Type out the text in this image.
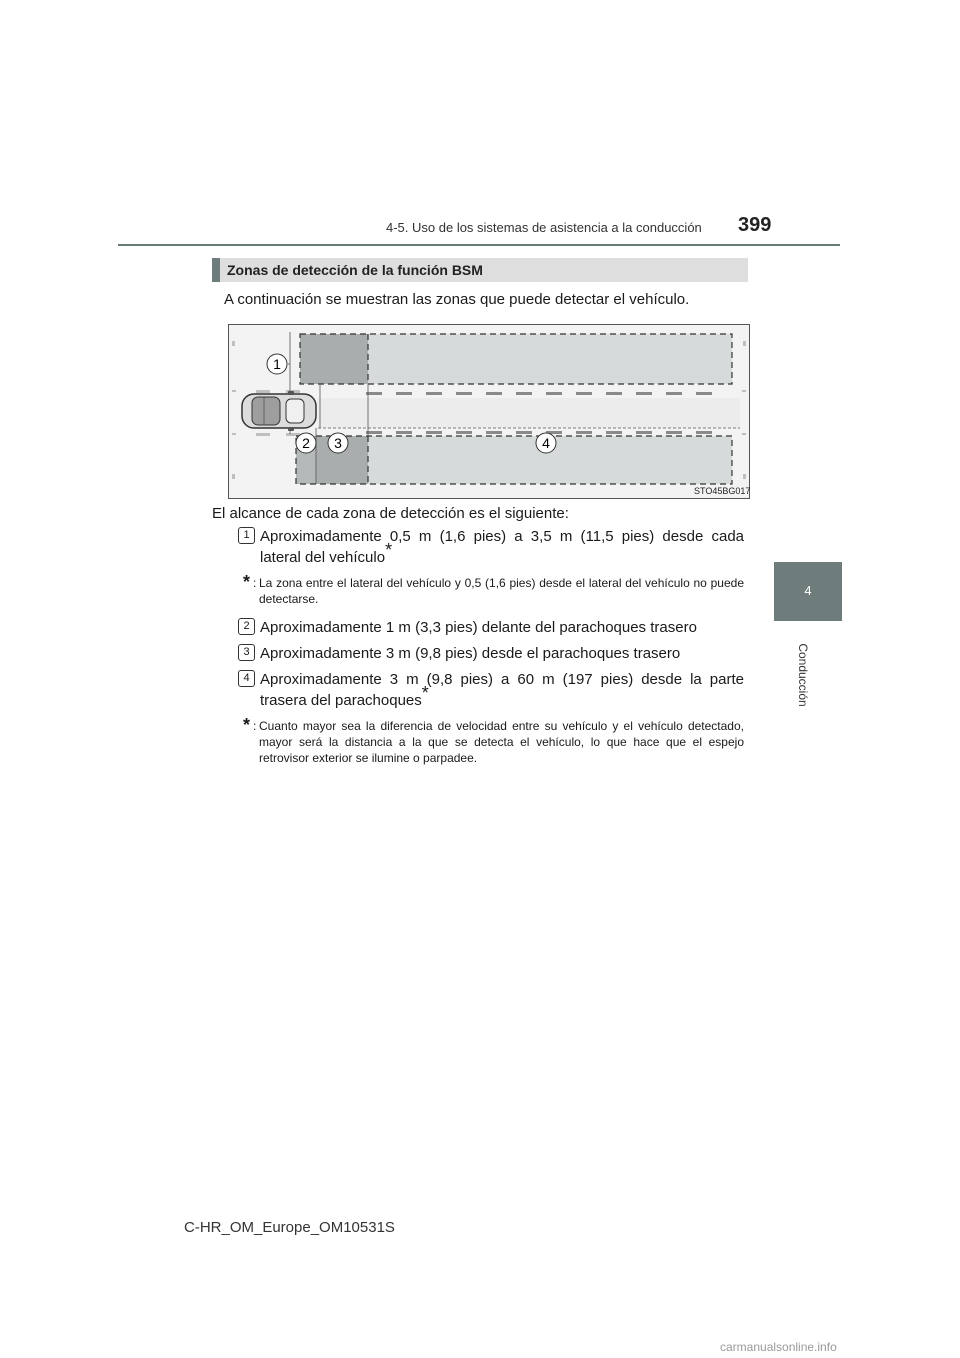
4-5. Uso de los sistemas de asistencia a la conducción 399
4
Conducción
Zonas de detección de la función BSM
A continuación se muestran las zonas que puede detectar el vehículo.
1
2 3	4
STO45BG017
El alcance de cada zona de detección es el siguiente:
1 Aproximadamente 0,5 m (1,6 pies) a 3,5 m (11,5 pies) desde cada lateral del vehículo*
* : La zona entre el lateral del vehículo y 0,5 (1,6 pies) desde el lateral del vehículo no puede detectarse.
2 Aproximadamente 1 m (3,3 pies) delante del parachoques trasero
3 Aproximadamente 3 m (9,8 pies) desde el parachoques trasero
4 Aproximadamente 3 m (9,8 pies) a 60 m (197 pies) desde la parte trasera del parachoques*
* : Cuanto mayor sea la diferencia de velocidad entre su vehículo y el vehículo detectado, mayor será la distancia a la que se detecta el vehículo, lo que hace que el espejo retrovisor exterior se ilumine o parpadee.
C-HR_OM_Europe_OM10531S
carmanualsonline.info
